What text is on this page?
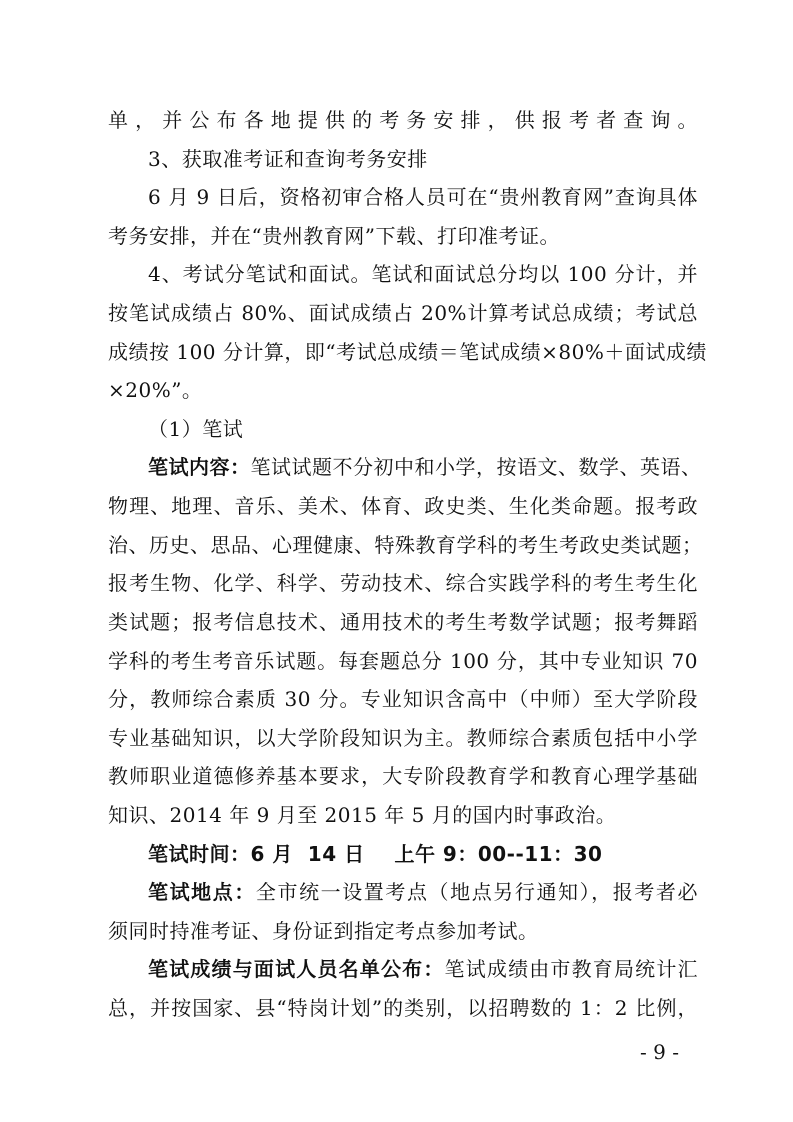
单，并公布各地提供的考务安排，供报考者查询。
3、获取准考证和查询考务安排
6 月 9 日后，资格初审合格人员可在“贵州教育网”查询具体
考务安排，并在“贵州教育网”下载、打印准考证。
4、考试分笔试和面试。笔试和面试总分均以 100 分计，并
按笔试成绩占 80%、面试成绩占 20%计算考试总成绩；考试总
成绩按 100 分计算，即“考试总成绩＝笔试成绩×80%＋面试成绩
×20%”。
（1）笔试
笔试内容：笔试试题不分初中和小学，按语文、数学、英语、
物理、地理、音乐、美术、体育、政史类、生化类命题。报考政
治、历史、思品、心理健康、特殊教育学科的考生考政史类试题；
报考生物、化学、科学、劳动技术、综合实践学科的考生考生化
类试题；报考信息技术、通用技术的考生考数学试题；报考舞蹈
学科的考生考音乐试题。每套题总分 100 分，其中专业知识 70
分，教师综合素质 30 分。专业知识含高中（中师）至大学阶段
专业基础知识，以大学阶段知识为主。教师综合素质包括中小学
教师职业道德修养基本要求，大专阶段教育学和教育心理学基础
知识、2014 年 9 月至 2015 年 5 月的国内时事政治。
笔试时间：6 月  14 日    上午 9：00--11：30
笔试地点：全市统一设置考点（地点另行通知），报考者必
须同时持准考证、身份证到指定考点参加考试。
- 9 -
笔试成绩与面试人员名单公布：笔试成绩由市教育局统计汇
总，并按国家、县“特岗计划”的类别，以招聘数的 1：2 比例，
